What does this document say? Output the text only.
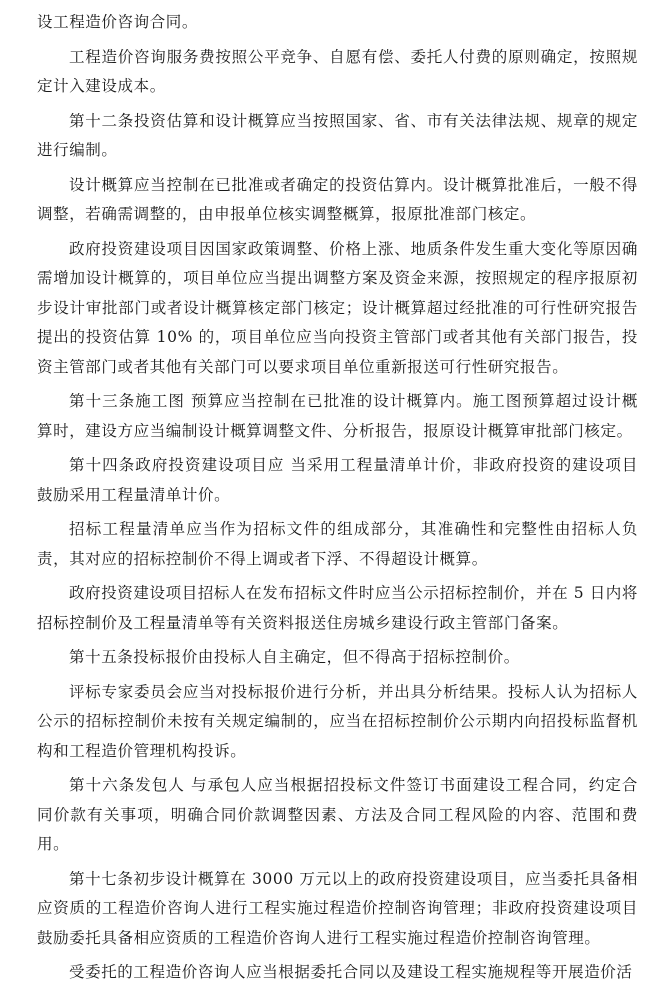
设工程造价咨询合同。

工程造价咨询服务费按照公平竞争、自愿有偿、委托人付费的原则确定，按照规定计入建设成本。

第十二条投资估算和设计概算应当按照国家、省、市有关法律法规、规章的规定进行编制。

设计概算应当控制在已批准或者确定的投资估算内。设计概算批准后，一般不得调整，若确需调整的，由申报单位核实调整概算，报原批准部门核定。

政府投资建设项目因国家政策调整、价格上涨、地质条件发生重大变化等原因确需增加设计概算的，项目单位应当提出调整方案及资金来源，按照规定的程序报原初步设计审批部门或者设计概算核定部门核定；设计概算超过经批准的可行性研究报告提出的投资估算 10% 的，项目单位应当向投资主管部门或者其他有关部门报告，投资主管部门或者其他有关部门可以要求项目单位重新报送可行性研究报告。

第十三条施工图 预算应当控制在已批准的设计概算内。施工图预算超过设计概算时，建设方应当编制设计概算调整文件、分析报告，报原设计概算审批部门核定。

第十四条政府投资建设项目应 当采用工程量清单计价，非政府投资的建设项目鼓励采用工程量清单计价。

招标工程量清单应当作为招标文件的组成部分，其准确性和完整性由招标人负责，其对应的招标控制价不得上调或者下浮、不得超设计概算。

政府投资建设项目招标人在发布招标文件时应当公示招标控制价，并在 5 日内将招标控制价及工程量清单等有关资料报送住房城乡建设行政主管部门备案。

第十五条投标报价由投标人自主确定，但不得高于招标控制价。

评标专家委员会应当对投标报价进行分析，并出具分析结果。投标人认为招标人公示的招标控制价未按有关规定编制的，应当在招标控制价公示期内向招投标监督机构和工程造价管理机构投诉。

第十六条发包人 与承包人应当根据招投标文件签订书面建设工程合同，约定合同价款有关事项，明确合同价款调整因素、方法及合同工程风险的内容、范围和费用。

第十七条初步设计概算在 3000 万元以上的政府投资建设项目，应当委托具备相应资质的工程造价咨询人进行工程实施过程造价控制咨询管理；非政府投资建设项目鼓励委托具备相应资质的工程造价咨询人进行工程实施过程造价控制咨询管理。

受委托的工程造价咨询人应当根据委托合同以及建设工程实施规程等开展造价活
